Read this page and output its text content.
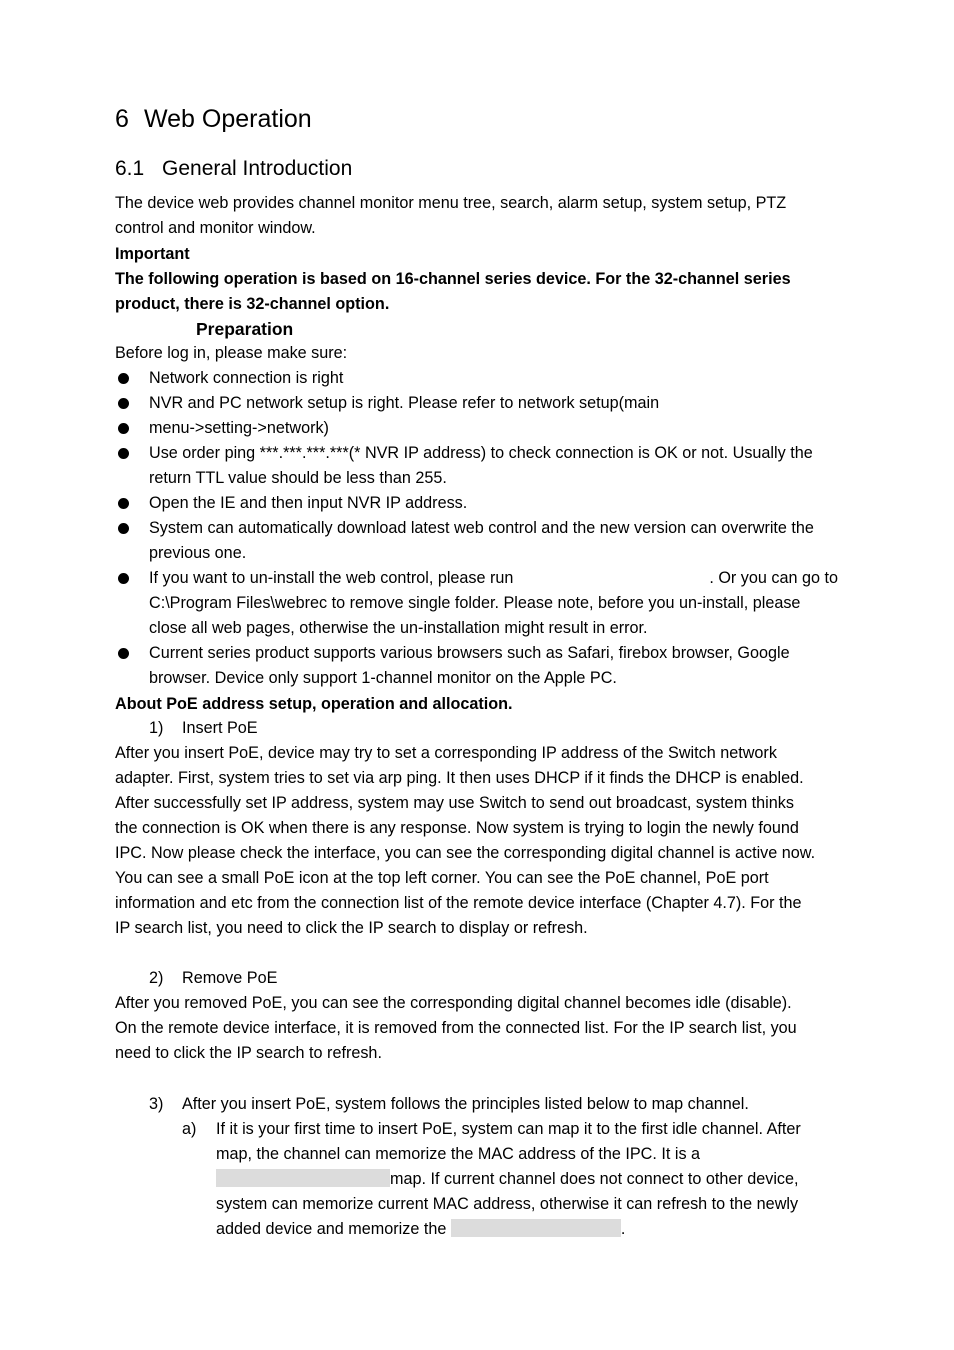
6 Web Operation
6.1 General Introduction
The device web provides channel monitor menu tree, search, alarm setup, system setup, PTZ
control and monitor window.
Important
The following operation is based on 16-channel series device. For the 32-channel series
product, there is 32-channel option.
Preparation
Before log in, please make sure:
Network connection is right
NVR and PC network setup is right. Please refer to network setup(main
menu->setting->network)
Use order ping ***.***.***.***(* NVR IP address) to check connection is OK or not. Usually the
return TTL value should be less than 255.
Open the IE and then input NVR IP address.
System can automatically download latest web control and the new version can overwrite the
previous one.
If you want to un-install the web control, please run	. Or you can go to
C:\Program Files\webrec to remove single folder. Please note, before you un-install, please
close all web pages, otherwise the un-installation might result in error.
Current series product supports various browsers such as Safari, firebox browser, Google
browser. Device only support 1-channel monitor on the Apple PC.
About PoE address setup, operation and allocation.
1) Insert PoE
After you insert PoE, device may try to set a corresponding IP address of the Switch network
adapter. First, system tries to set via arp ping. It then uses DHCP if it finds the DHCP is enabled.
After successfully set IP address, system may use Switch to send out broadcast, system thinks
the connection is OK when there is any response. Now system is trying to login the newly found
IPC. Now please check the interface, you can see the corresponding digital channel is active now.
You can see a small PoE icon at the top left corner. You can see the PoE channel, PoE port
information and etc from the connection list of the remote device interface (Chapter 4.7). For the
IP search list, you need to click the IP search to display or refresh.
2) Remove PoE
After you removed PoE, you can see the corresponding digital channel becomes idle (disable).
On the remote device interface, it is removed from the connected list. For the IP search list, you
need to click the IP search to refresh.
3) After you insert PoE, system follows the principles listed below to map channel.
a) If it is your first time to insert PoE, system can map it to the first idle channel. After
map, the channel can memorize the MAC address of the IPC. It is a
map. If current channel does not connect to other device,
system can memorize current MAC address, otherwise it can refresh to the newly
added device and memorize the	.
